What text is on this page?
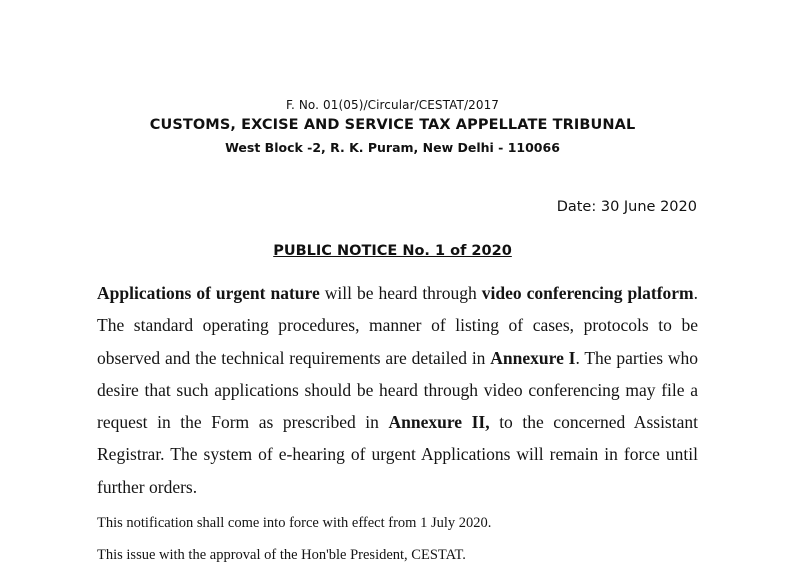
F. No. 01(05)/Circular/CESTAT/2017
CUSTOMS, EXCISE AND SERVICE TAX APPELLATE TRIBUNAL
West Block -2, R. K. Puram, New Delhi - 110066
Date: 30 June 2020
PUBLIC NOTICE No. 1 of 2020

Applications of urgent nature will be heard through video conferencing platform. The standard operating procedures, manner of listing of cases, protocols to be observed and the technical requirements are detailed in Annexure I. The parties who desire that such applications should be heard through video conferencing may file a request in the Form as prescribed in Annexure II, to the concerned Assistant Registrar. The system of e-hearing of urgent Applications will remain in force until further orders.

This notification shall come into force with effect from 1 July 2020.
This issue with the approval of the Hon'ble President, CESTAT.
